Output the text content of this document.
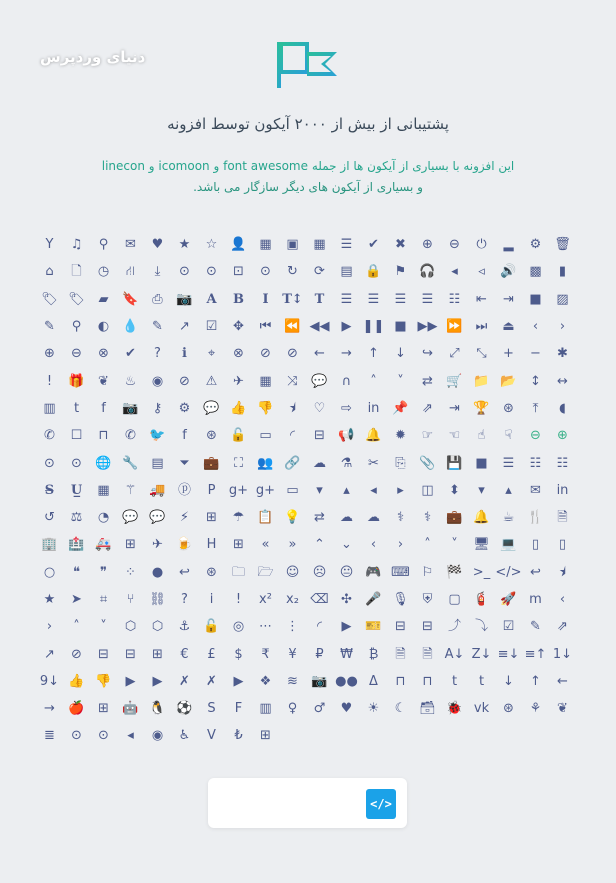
دنیای وردپرس
پشتیبانی از بیش از ۲۰۰۰ آیکون توسط افزونه
این افزونه با بسیاری از آیکون ها از جمله font awesome و icomoon و linecon
و بسیاری از آیکون های دیگر سازگار می باشد.
Y	♫	⚲	✉	♥	★	☆	👤 ▦	▣	▦	☰	✔	✖	⊕	⊖	⏻	▂	⚙ 🗑
⌂	🗋	◷	⛙	⤓	⊙	⊙	⊡	⊙	↻	⟳	▤ 🔒	⚑	🎧	◂	◃	🔊 ▩	▮
🏷 🏷	▰	🔖	⎙	📷	A	B	I	T↕ T	☰	☰	☰	☰	☷	⇤	⇥	■	▨
✎	⚲	◐	💧	✎	↗	☑	✥	⏮	⏪ ◀◀ ▶ ❚❚ ■ ▶▶ ⏩	⏭	⏏	‹	›
⊕	⊖	⊗	✔	?	ℹ	⌖	⊗	⊘	⊘	←	→	↑	↓	↪	⤢	⤡	+	−	✱
!	🎁	❦	♨	◉	⊘	⚠	✈	▦	⤨	💬	∩	˄	˅	⇄	🛒 📁 📂	↕	↔
▥	t	f	📷	⚷	⚙	💬 👍 👎	⯨	♡	⇨	in 📌	⇗	⇥	🏆	⊛	⤒	◖
✆	☐	⊓	✆	🐦	f	⊛	🔓 ▭	◜	⊟	📢 🔔	✹	☞	☜	☝	☟	⊖	⊕
⊙	⊙	🌐 🔧 ▤	⏷	💼	⛶	👥 🔗 ☁	⚗	✂	⎘	📎 💾 ■	☰	☷	☷
S̶	U̲	▦	⚚	🚚 ⓟ	P	g+ g+ ▭	▾	▴	◂	▸	◫	⬍	▾	▴	✉	in
↺	⚖	◔	💬 💬	⚡	⊞	☂	📋 💡	⇄	☁	☁	⚕	⚕	💼 🔔	☕	🍴	🗎
🏢 🏥 🚑	⊞	✈	🍺	H	⊞	«	»	⌃	⌄	‹	›	˄	˅	🖥 💻	▯	▯
○	❝	❞	⁘	●	↩	⊛	🗀 🗁 ☺	☹	😐 🎮 ⌨ ⚐	🏁 >_ </> ↩	⯨
★	➤	⌗	⑂	⛓	?	i	!	x²	x₂ ⌫ ✣	🎤 🎙	⛨	▢ 🧯 🚀 m	‹
›	˄	˅	⬡	⬡	⚓	🔓	◎	⋯	⋮	◜	▶	🎫	⊟	⊟	⤴	⤵	☑	✎	⇗
↗	⊘	⊟	⊟	⊞	€	£	$	₹	¥	₽	₩	₿	🗎	🗎 A↓ Z↓ ≡↓ ≡↑ 1↓
9↓ 👍 👎	▶	▶	✗	✗	▶	❖	≋	📷 ●● Δ	⊓	⊓	t	t	↓	↑	←
→	🍎	⊞	🤖 🐧 ⚽	S	F	▥	♀	♂	♥	☀	☾ 🗃 🐞 vk	⊛	⚘	❦
≣	⊙	⊙	◂	◉	♿	V	₺	⊞
</>
